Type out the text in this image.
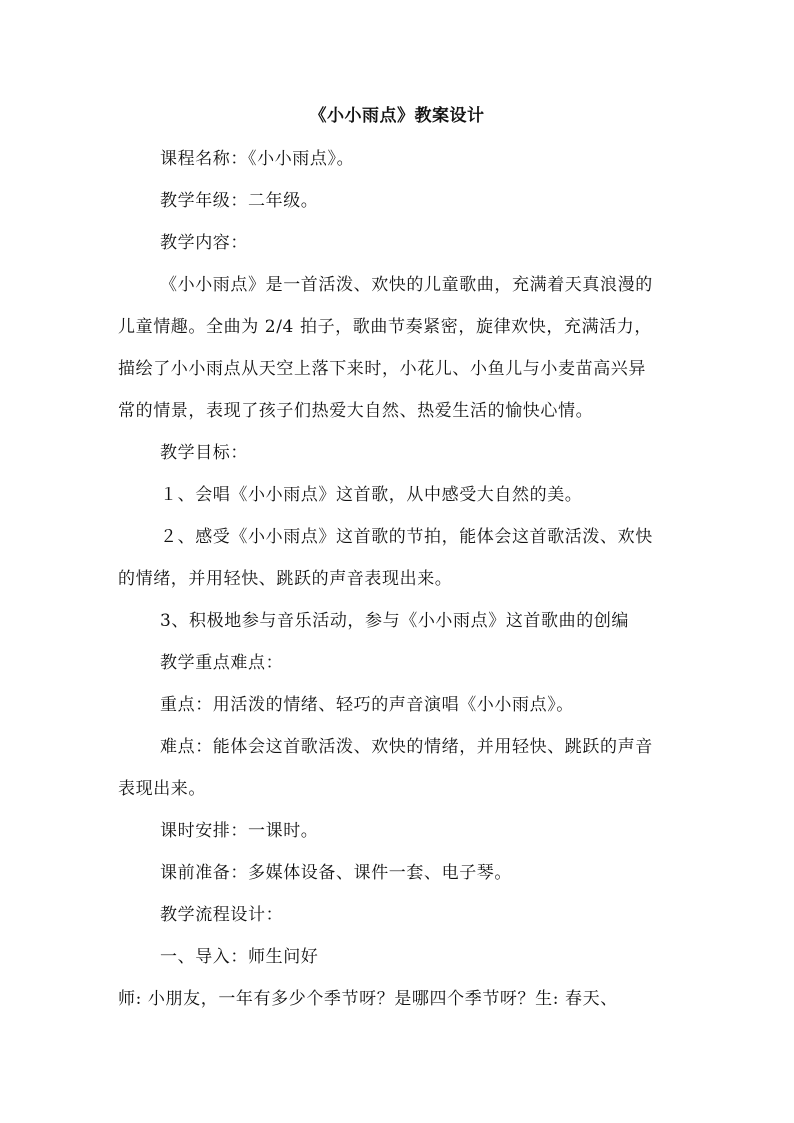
《小小雨点》教案设计
课程名称：《小小雨点》。
教学年级：二年级。
教学内容：
《小小雨点》是一首活泼、欢快的儿童歌曲，充满着天真浪漫的
儿童情趣。全曲为 2/4 拍子，歌曲节奏紧密，旋律欢快，充满活力，
描绘了小小雨点从天空上落下来时，小花儿、小鱼儿与小麦苗高兴异
常的情景，表现了孩子们热爱大自然、热爱生活的愉快心情。
教学目标：
１、会唱《小小雨点》这首歌，从中感受大自然的美。
２、感受《小小雨点》这首歌的节拍，能体会这首歌活泼、欢快
的情绪，并用轻快、跳跃的声音表现出来。
3、积极地参与音乐活动，参与《小小雨点》这首歌曲的创编
教学重点难点：
重点：用活泼的情绪、轻巧的声音演唱《小小雨点》。
难点：能体会这首歌活泼、欢快的情绪，并用轻快、跳跃的声音
表现出来。
课时安排：一课时。
课前准备：多媒体设备、课件一套、电子琴。
教学流程设计：
一、导入：师生问好
师: 小朋友，一年有多少个季节呀？是哪四个季节呀？生: 春天、
